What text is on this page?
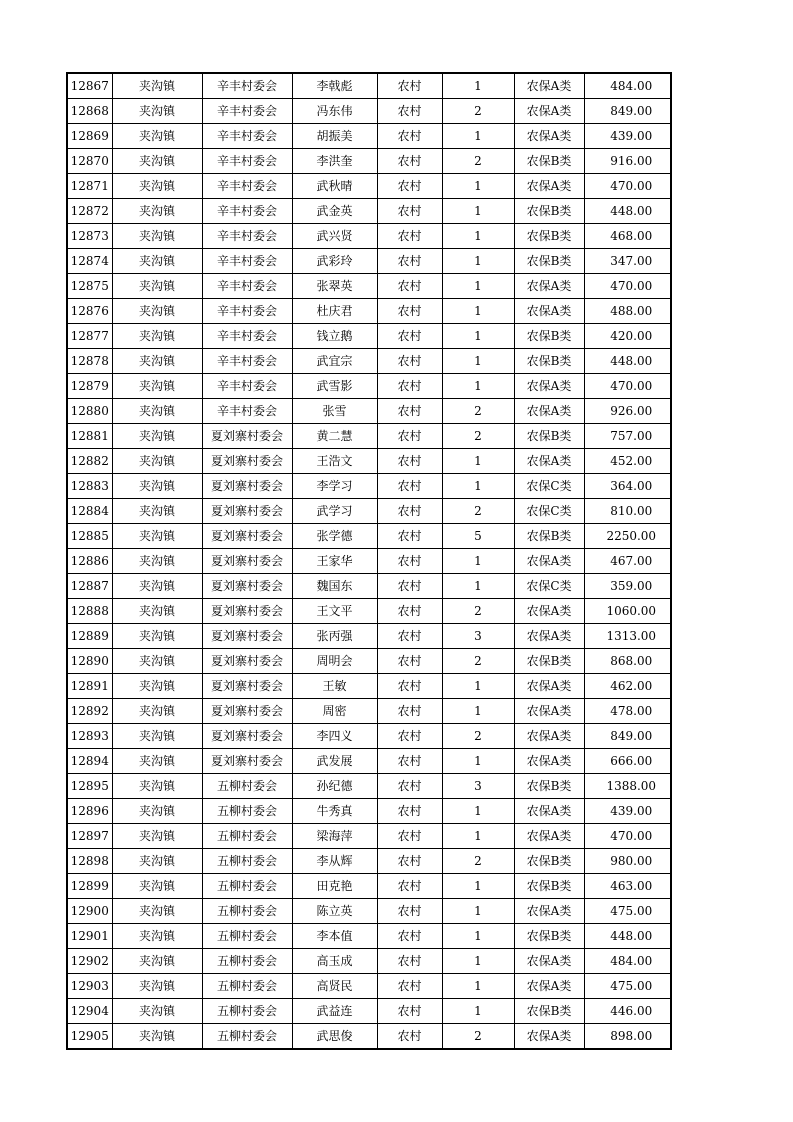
12867	夹沟镇	辛丰村委会	李戟彪	农村	1	农保A类	484.00
12868	夹沟镇	辛丰村委会	冯东伟	农村	2	农保A类	849.00
12869	夹沟镇	辛丰村委会	胡振美	农村	1	农保A类	439.00
12870	夹沟镇	辛丰村委会	李洪奎	农村	2	农保B类	916.00
12871	夹沟镇	辛丰村委会	武秋晴	农村	1	农保A类	470.00
12872	夹沟镇	辛丰村委会	武金英	农村	1	农保B类	448.00
12873	夹沟镇	辛丰村委会	武兴贤	农村	1	农保B类	468.00
12874	夹沟镇	辛丰村委会	武彩玲	农村	1	农保B类	347.00
12875	夹沟镇	辛丰村委会	张翠英	农村	1	农保A类	470.00
12876	夹沟镇	辛丰村委会	杜庆君	农村	1	农保A类	488.00
12877	夹沟镇	辛丰村委会	钱立鹅	农村	1	农保B类	420.00
12878	夹沟镇	辛丰村委会	武宜宗	农村	1	农保B类	448.00
12879	夹沟镇	辛丰村委会	武雪影	农村	1	农保A类	470.00
12880	夹沟镇	辛丰村委会	张雪	农村	2	农保A类	926.00
12881	夹沟镇	夏刘寨村委会	黄二慧	农村	2	农保B类	757.00
12882	夹沟镇	夏刘寨村委会	王浩文	农村	1	农保A类	452.00
12883	夹沟镇	夏刘寨村委会	李学习	农村	1	农保C类	364.00
12884	夹沟镇	夏刘寨村委会	武学习	农村	2	农保C类	810.00
12885	夹沟镇	夏刘寨村委会	张学德	农村	5	农保B类	2250.00
12886	夹沟镇	夏刘寨村委会	王家华	农村	1	农保A类	467.00
12887	夹沟镇	夏刘寨村委会	魏国东	农村	1	农保C类	359.00
12888	夹沟镇	夏刘寨村委会	王文平	农村	2	农保A类	1060.00
12889	夹沟镇	夏刘寨村委会	张丙强	农村	3	农保A类	1313.00
12890	夹沟镇	夏刘寨村委会	周明会	农村	2	农保B类	868.00
12891	夹沟镇	夏刘寨村委会	王敏	农村	1	农保A类	462.00
12892	夹沟镇	夏刘寨村委会	周密	农村	1	农保A类	478.00
12893	夹沟镇	夏刘寨村委会	李四义	农村	2	农保A类	849.00
12894	夹沟镇	夏刘寨村委会	武发展	农村	1	农保A类	666.00
12895	夹沟镇	五柳村委会	孙纪德	农村	3	农保B类	1388.00
12896	夹沟镇	五柳村委会	牛秀真	农村	1	农保A类	439.00
12897	夹沟镇	五柳村委会	梁海萍	农村	1	农保A类	470.00
12898	夹沟镇	五柳村委会	李从辉	农村	2	农保B类	980.00
12899	夹沟镇	五柳村委会	田克艳	农村	1	农保B类	463.00
12900	夹沟镇	五柳村委会	陈立英	农村	1	农保A类	475.00
12901	夹沟镇	五柳村委会	李本值	农村	1	农保B类	448.00
12902	夹沟镇	五柳村委会	高玉成	农村	1	农保A类	484.00
12903	夹沟镇	五柳村委会	高贤民	农村	1	农保A类	475.00
12904	夹沟镇	五柳村委会	武益连	农村	1	农保B类	446.00
12905	夹沟镇	五柳村委会	武思俊	农村	2	农保A类	898.00
